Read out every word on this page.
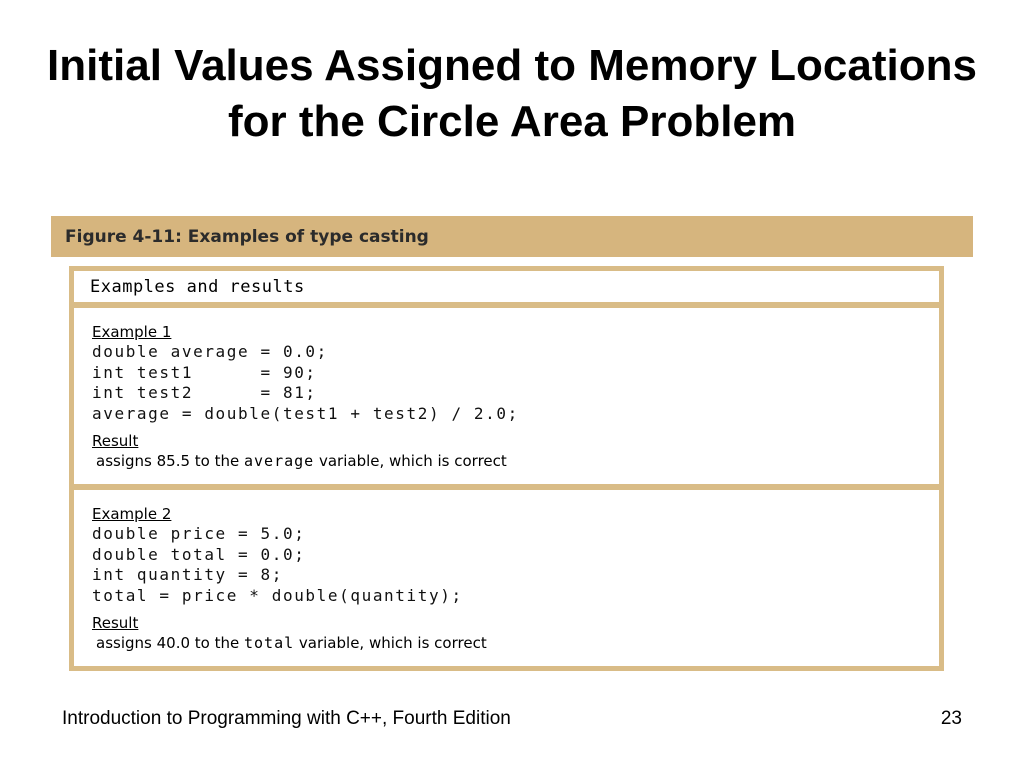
Initial Values Assigned to Memory Locations for the Circle Area Problem
Figure 4-11: Examples of type casting
Examples and results
Example 1
double average = 0.0;
int test1      = 90;
int test2      = 81;
average = double(test1 + test2) / 2.0;
Result
assigns 85.5 to the average variable, which is correct
Example 2
double price = 5.0;
double total = 0.0;
int quantity = 8;
total = price * double(quantity);
Result
assigns 40.0 to the total variable, which is correct
Introduction to Programming with C++, Fourth Edition	23
